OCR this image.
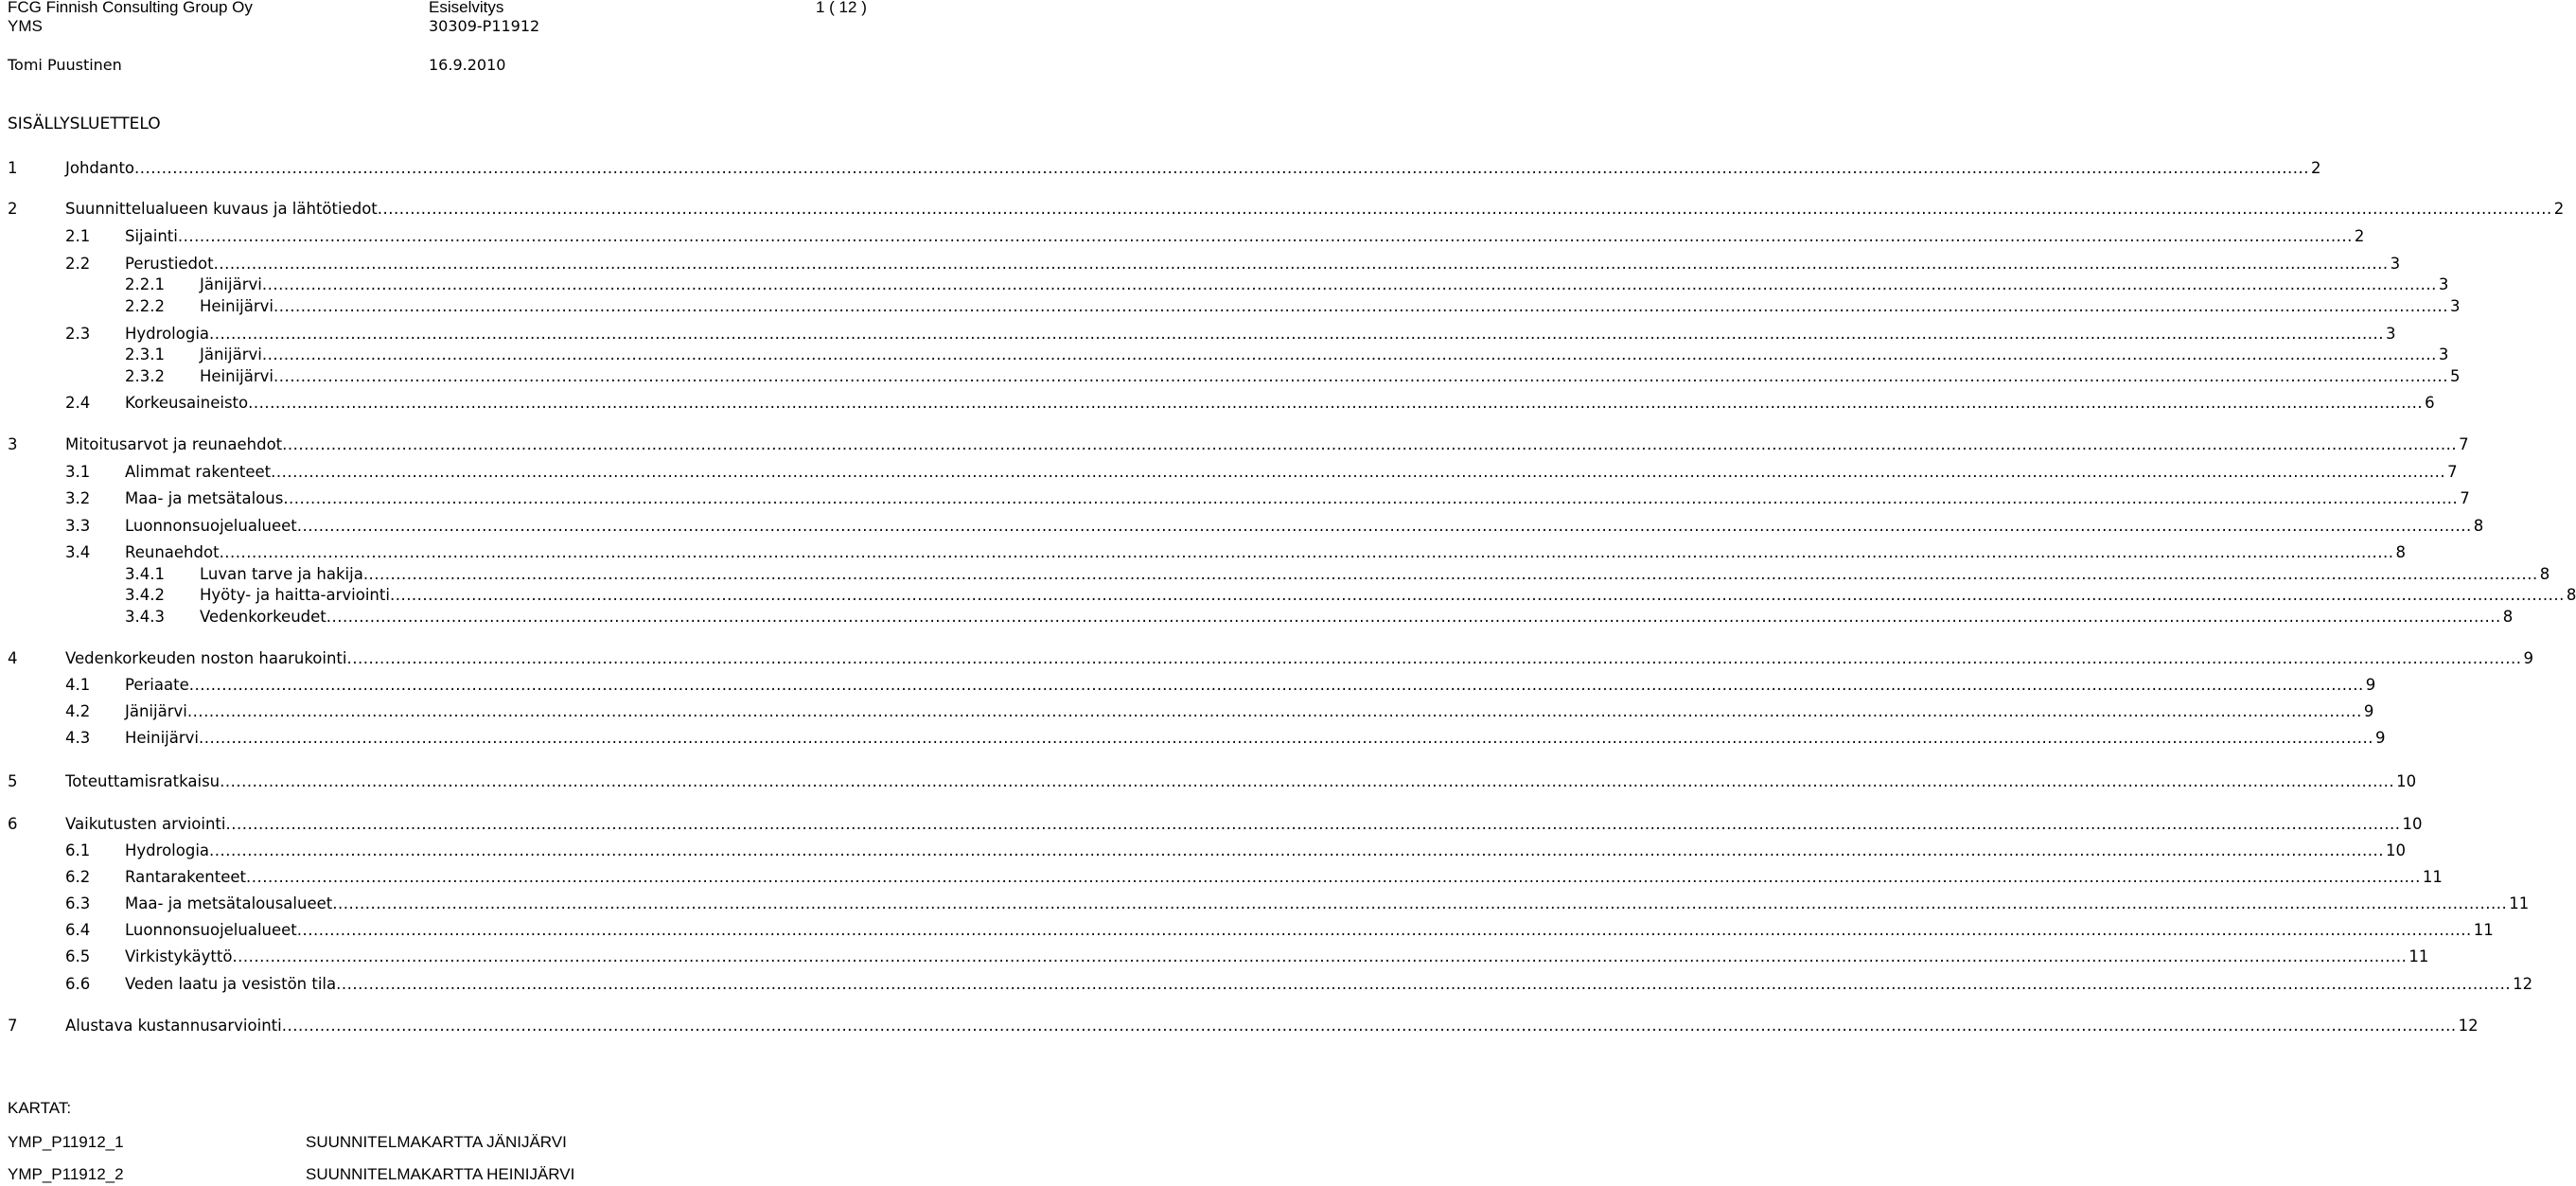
FCG Finnish Consulting Group Oy
YMS
Tomi Puustinen
Esiselvitys
30309-P11912
16.9.2010
1 ( 12 )
SISÄLLYSLUETTELO
1	Johdanto ................................................................................................................................................................................................................................................................................................................................................................................................................ 2
2	Suunnittelualueen kuvaus ja lähtötiedot ................................................................................................................................................................................................................................................................................................................................................................................................................ 2
2.1 Sijainti ................................................................................................................................................................................................................................................................................................................................................................................................................ 2
2.2 Perustiedot ................................................................................................................................................................................................................................................................................................................................................................................................................ 3
2.2.1 Jänijärvi ................................................................................................................................................................................................................................................................................................................................................................................................................ 3
2.2.2 Heinijärvi ................................................................................................................................................................................................................................................................................................................................................................................................................ 3
2.3 Hydrologia ................................................................................................................................................................................................................................................................................................................................................................................................................ 3
2.3.1 Jänijärvi ................................................................................................................................................................................................................................................................................................................................................................................................................ 3
2.3.2 Heinijärvi ................................................................................................................................................................................................................................................................................................................................................................................................................ 5
2.4 Korkeusaineisto ................................................................................................................................................................................................................................................................................................................................................................................................................ 6
3	Mitoitusarvot ja reunaehdot ................................................................................................................................................................................................................................................................................................................................................................................................................ 7
3.1 Alimmat rakenteet ................................................................................................................................................................................................................................................................................................................................................................................................................ 7
3.2 Maa- ja metsätalous ................................................................................................................................................................................................................................................................................................................................................................................................................ 7
3.3 Luonnonsuojelualueet ................................................................................................................................................................................................................................................................................................................................................................................................................ 8
3.4 Reunaehdot ................................................................................................................................................................................................................................................................................................................................................................................................................ 8
3.4.1 Luvan tarve ja hakija ................................................................................................................................................................................................................................................................................................................................................................................................................ 8
3.4.2 Hyöty- ja haitta-arviointi ................................................................................................................................................................................................................................................................................................................................................................................................................ 8
3.4.3 Vedenkorkeudet ................................................................................................................................................................................................................................................................................................................................................................................................................ 8
4	Vedenkorkeuden noston haarukointi ................................................................................................................................................................................................................................................................................................................................................................................................................ 9
4.1 Periaate ................................................................................................................................................................................................................................................................................................................................................................................................................ 9
4.2 Jänijärvi ................................................................................................................................................................................................................................................................................................................................................................................................................ 9
4.3 Heinijärvi ................................................................................................................................................................................................................................................................................................................................................................................................................ 9
5	Toteuttamisratkaisu ................................................................................................................................................................................................................................................................................................................................................................................................................ 10
6	Vaikutusten arviointi ................................................................................................................................................................................................................................................................................................................................................................................................................ 10
6.1 Hydrologia ................................................................................................................................................................................................................................................................................................................................................................................................................ 10
6.2 Rantarakenteet ................................................................................................................................................................................................................................................................................................................................................................................................................ 11
6.3 Maa- ja metsätalousalueet ................................................................................................................................................................................................................................................................................................................................................................................................................ 11
6.4 Luonnonsuojelualueet ................................................................................................................................................................................................................................................................................................................................................................................................................ 11
6.5 Virkistykäyttö ................................................................................................................................................................................................................................................................................................................................................................................................................ 11
6.6 Veden laatu ja vesistön tila ................................................................................................................................................................................................................................................................................................................................................................................................................ 12
7	Alustava kustannusarviointi ................................................................................................................................................................................................................................................................................................................................................................................................................ 12
KARTAT:
YMP_P11912_1	SUUNNITELMAKARTTA JÄNIJÄRVI
YMP_P11912_2	SUUNNITELMAKARTTA HEINIJÄRVI
